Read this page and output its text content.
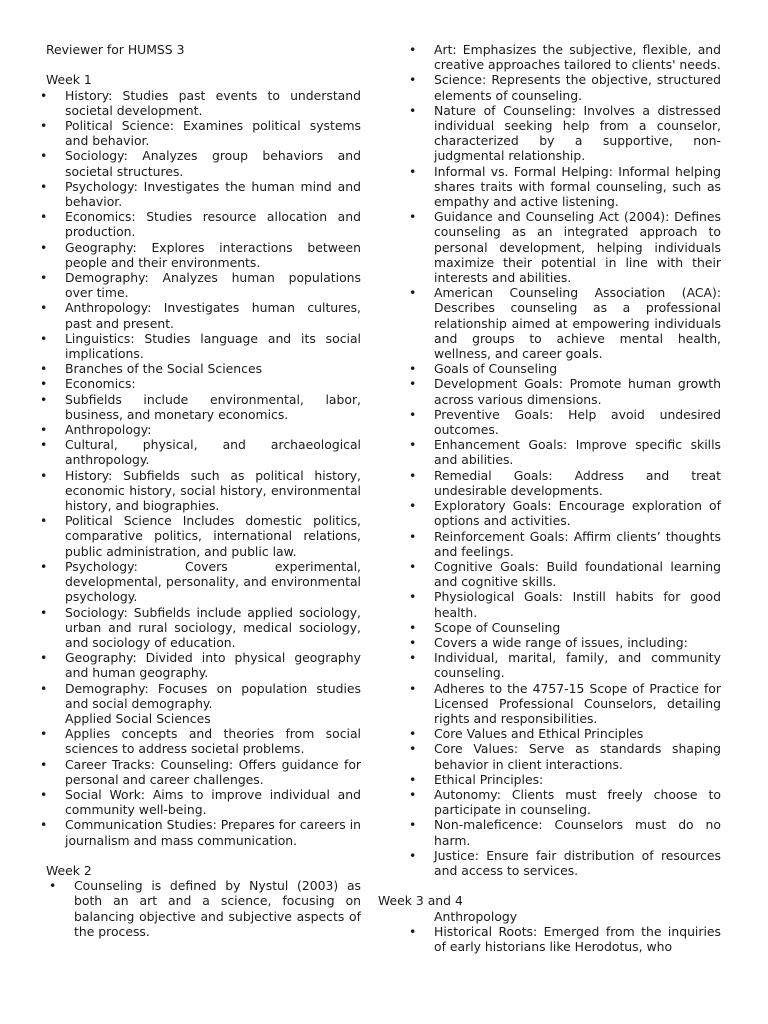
Reviewer for HUMSS 3

Week 1

• History: Studies past events to understand societal development.
• Political Science: Examines political systems and behavior.
• Sociology: Analyzes group behaviors and societal structures.
• Psychology: Investigates the human mind and behavior.
• Economics: Studies resource allocation and production.
• Geography: Explores interactions between people and their environments.
• Demography: Analyzes human populations over time.
• Anthropology: Investigates human cultures, past and present.
• Linguistics: Studies language and its social implications.
• Branches of the Social Sciences
• Economics:
• Subfields include environmental, labor, business, and monetary economics.
• Anthropology:
• Cultural, physical, and archaeological anthropology.
• History: Subfields such as political history, economic history, social history, environmental history, and biographies.
• Political Science Includes domestic politics, comparative politics, international relations, public administration, and public law.
• Psychology: Covers experimental, developmental, personality, and environmental psychology.
• Sociology: Subfields include applied sociology, urban and rural sociology, medical sociology, and sociology of education.
• Geography: Divided into physical geography and human geography.
• Demography: Focuses on population studies and social demography.

Applied Social Sciences

• Applies concepts and theories from social sciences to address societal problems.
• Career Tracks: Counseling: Offers guidance for personal and career challenges.
• Social Work: Aims to improve individual and community well-being.
• Communication Studies: Prepares for careers in journalism and mass communication.

Week 2

• Counseling is defined by Nystul (2003) as both an art and a science, focusing on balancing objective and subjective aspects of the process.
• Art: Emphasizes the subjective, flexible, and creative approaches tailored to clients' needs.
• Science: Represents the objective, structured elements of counseling.
• Nature of Counseling: Involves a distressed individual seeking help from a counselor, characterized by a supportive, non-judgmental relationship.
• Informal vs. Formal Helping: Informal helping shares traits with formal counseling, such as empathy and active listening.
• Guidance and Counseling Act (2004): Defines counseling as an integrated approach to personal development, helping individuals maximize their potential in line with their interests and abilities.
• American Counseling Association (ACA): Describes counseling as a professional relationship aimed at empowering individuals and groups to achieve mental health, wellness, and career goals.
• Goals of Counseling
• Development Goals: Promote human growth across various dimensions.
• Preventive Goals: Help avoid undesired outcomes.
• Enhancement Goals: Improve specific skills and abilities.
• Remedial Goals: Address and treat undesirable developments.
• Exploratory Goals: Encourage exploration of options and activities.
• Reinforcement Goals: Affirm clients’ thoughts and feelings.
• Cognitive Goals: Build foundational learning and cognitive skills.
• Physiological Goals: Instill habits for good health.
• Scope of Counseling
• Covers a wide range of issues, including:
• Individual, marital, family, and community counseling.
• Adheres to the 4757-15 Scope of Practice for Licensed Professional Counselors, detailing rights and responsibilities.
• Core Values and Ethical Principles
• Core Values: Serve as standards shaping behavior in client interactions.
• Ethical Principles:
• Autonomy: Clients must freely choose to participate in counseling.
• Non-maleficence: Counselors must do no harm.
• Justice: Ensure fair distribution of resources and access to services.

Week 3 and 4

Anthropology

• Historical Roots: Emerged from the inquiries of early historians like Herodotus, who
